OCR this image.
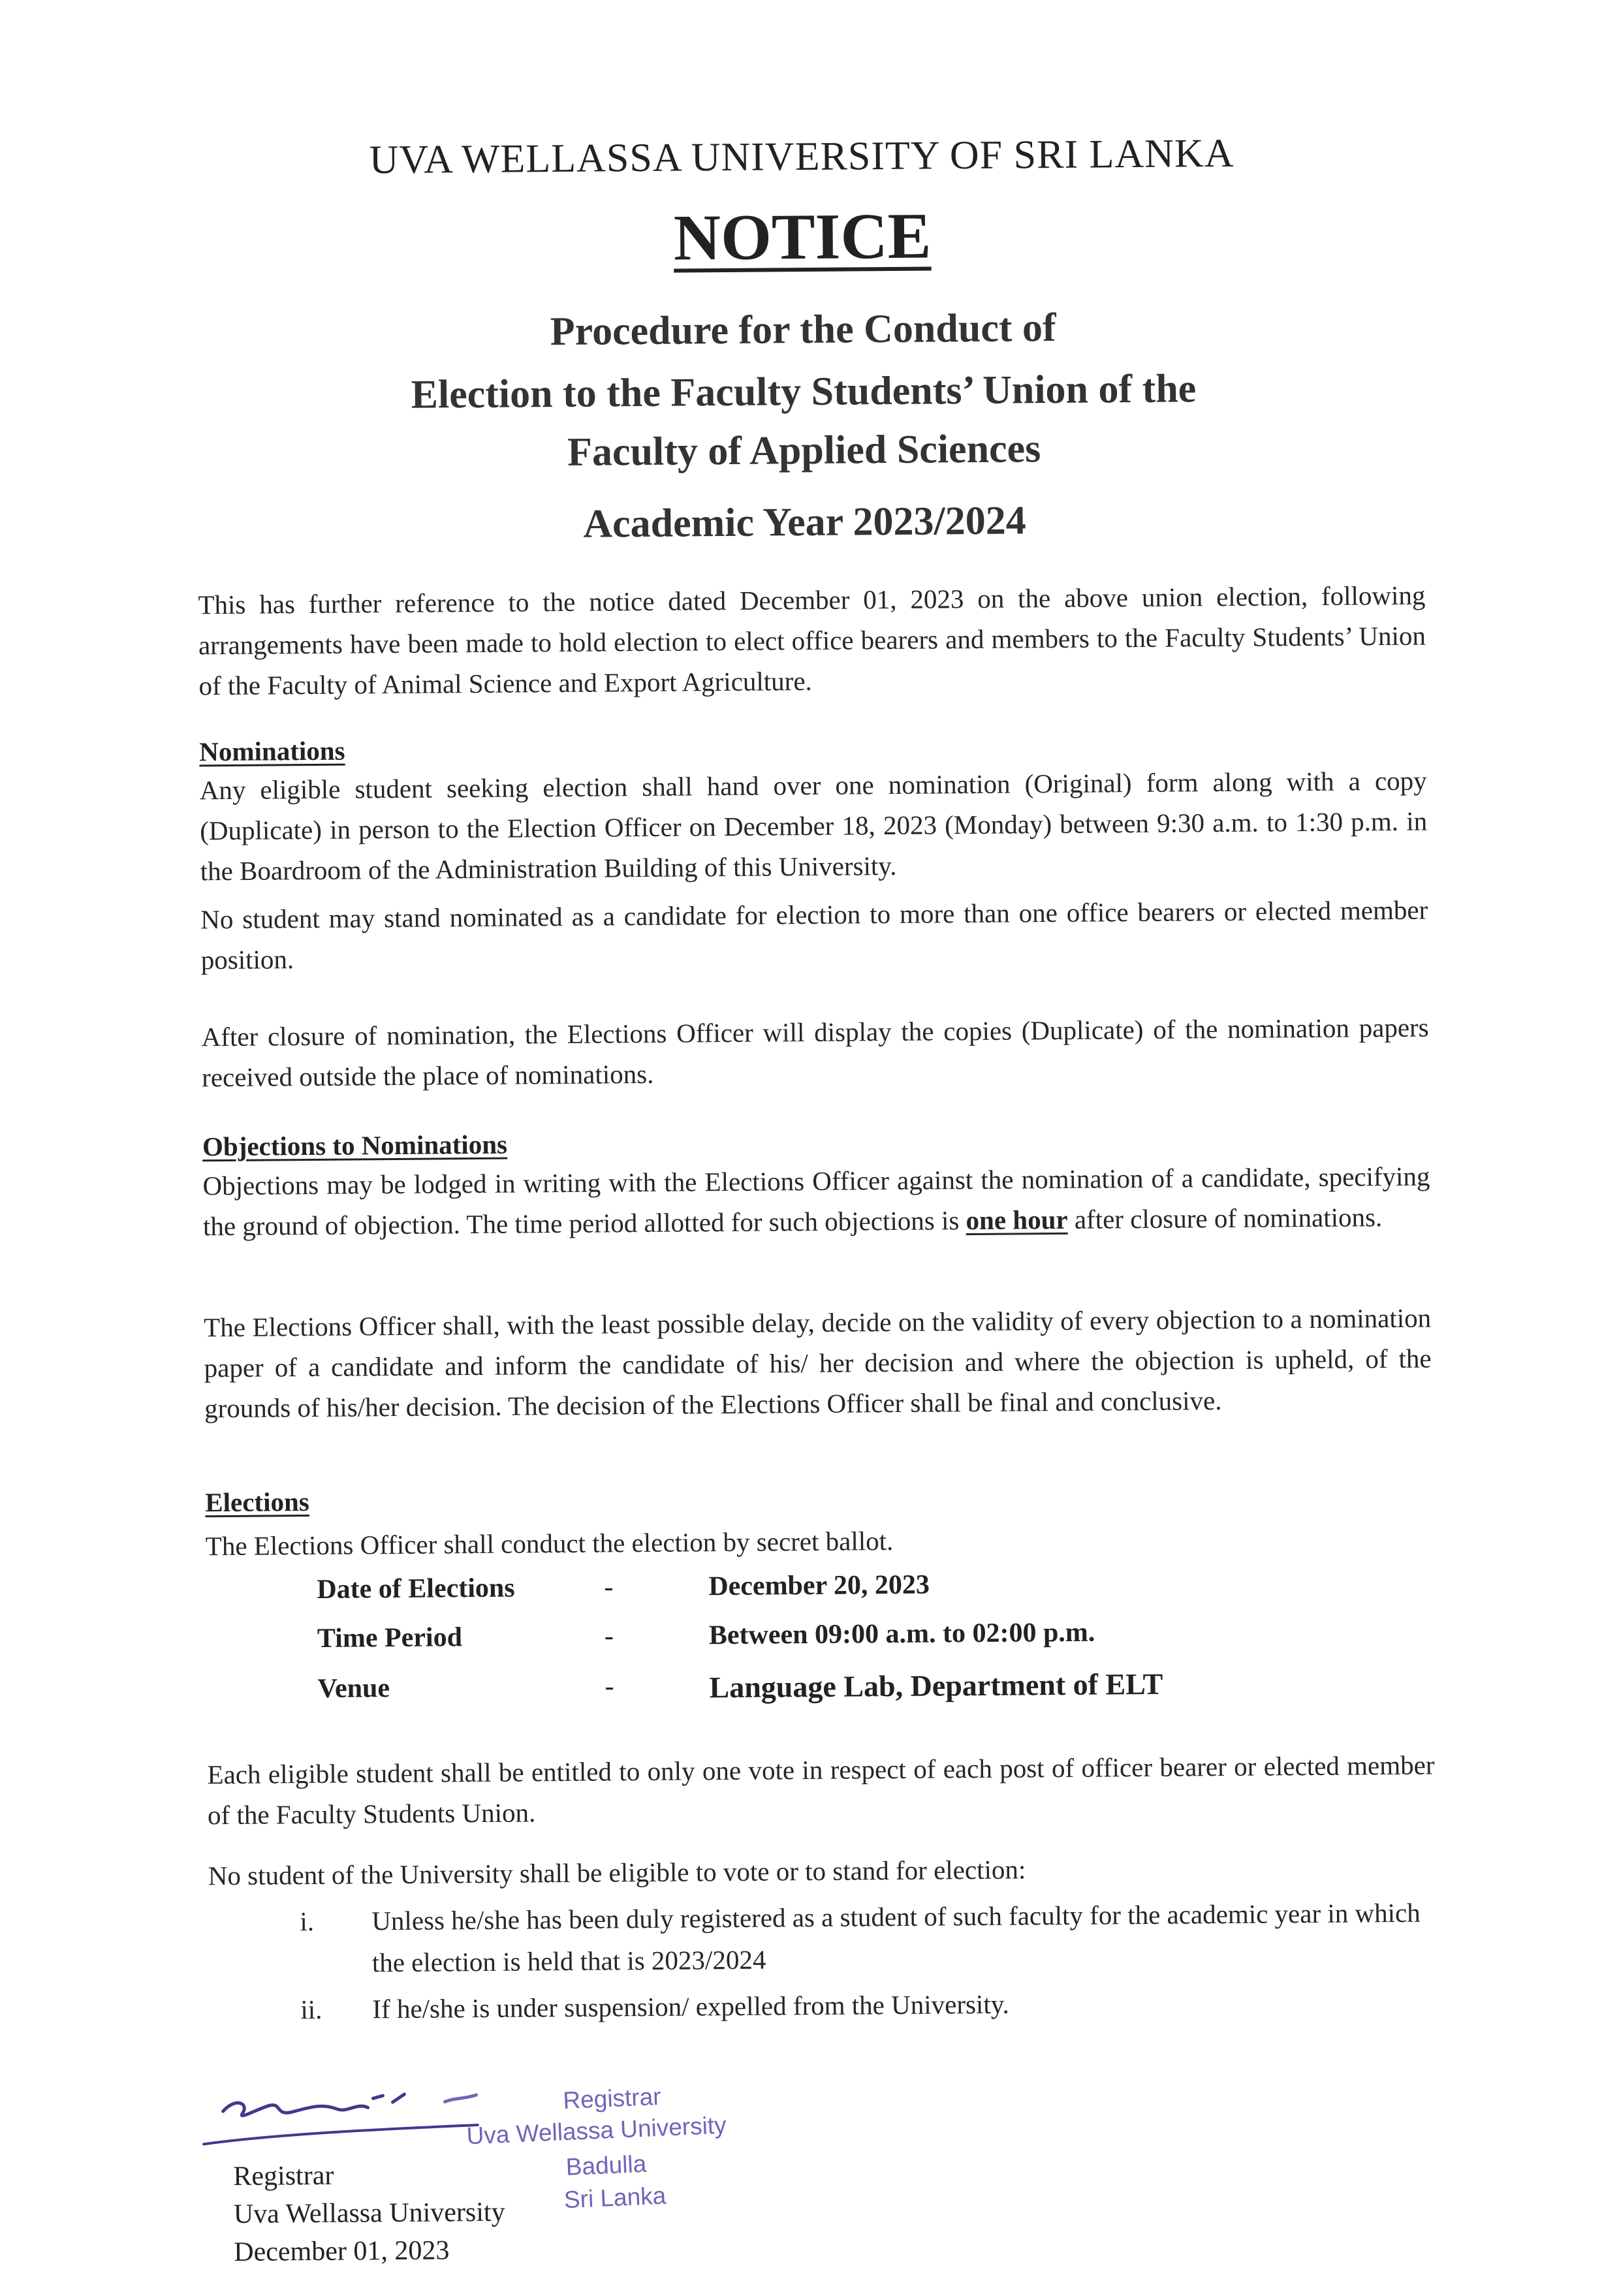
UVA WELLASSA UNIVERSITY OF SRI LANKA
NOTICE
Procedure for the Conduct of
Election to the Faculty Students’ Union of the
Faculty of Applied Sciences
Academic Year 2023/2024
This has further reference to the notice dated December 01, 2023 on the above union election, following arrangements have been made to hold election to elect office bearers and members to the Faculty Students’ Union of the Faculty of Animal Science and Export Agriculture.
Nominations
Any eligible student seeking election shall hand over one nomination (Original) form along with a copy (Duplicate) in person to the Election Officer on December 18, 2023 (Monday) between 9:30 a.m. to 1:30 p.m. in the Boardroom of the Administration Building of this University.
No student may stand nominated as a candidate for election to more than one office bearers or elected member position.
After closure of nomination, the Elections Officer will display the copies (Duplicate) of the nomination papers received outside the place of nominations.
Objections to Nominations
Objections may be lodged in writing with the Elections Officer against the nomination of a candidate, specifying the ground of objection. The time period allotted for such objections is one hour after closure of nominations.
The Elections Officer shall, with the least possible delay, decide on the validity of every objection to a nomination paper of a candidate and inform the candidate of his/ her decision and where the objection is upheld, of the grounds of his/her decision. The decision of the Elections Officer shall be final and conclusive.
Elections
The Elections Officer shall conduct the election by secret ballot.
Date of Elections	-	December 20, 2023
Time Period	-	Between 09:00 a.m. to 02:00 p.m.
Venue	-	Language Lab, Department of ELT
Each eligible student shall be entitled to only one vote in respect of each post of officer bearer or elected member of the Faculty Students Union.
No student of the University shall be eligible to vote or to stand for election:
i.	Unless he/she has been duly registered as a student of such faculty for the academic year in which the election is held that is 2023/2024
ii.	If he/she is under suspension/ expelled from the University.
Registrar
Uva Wellassa University
Badulla
Sri Lanka
Registrar
Uva Wellassa University
December 01, 2023
